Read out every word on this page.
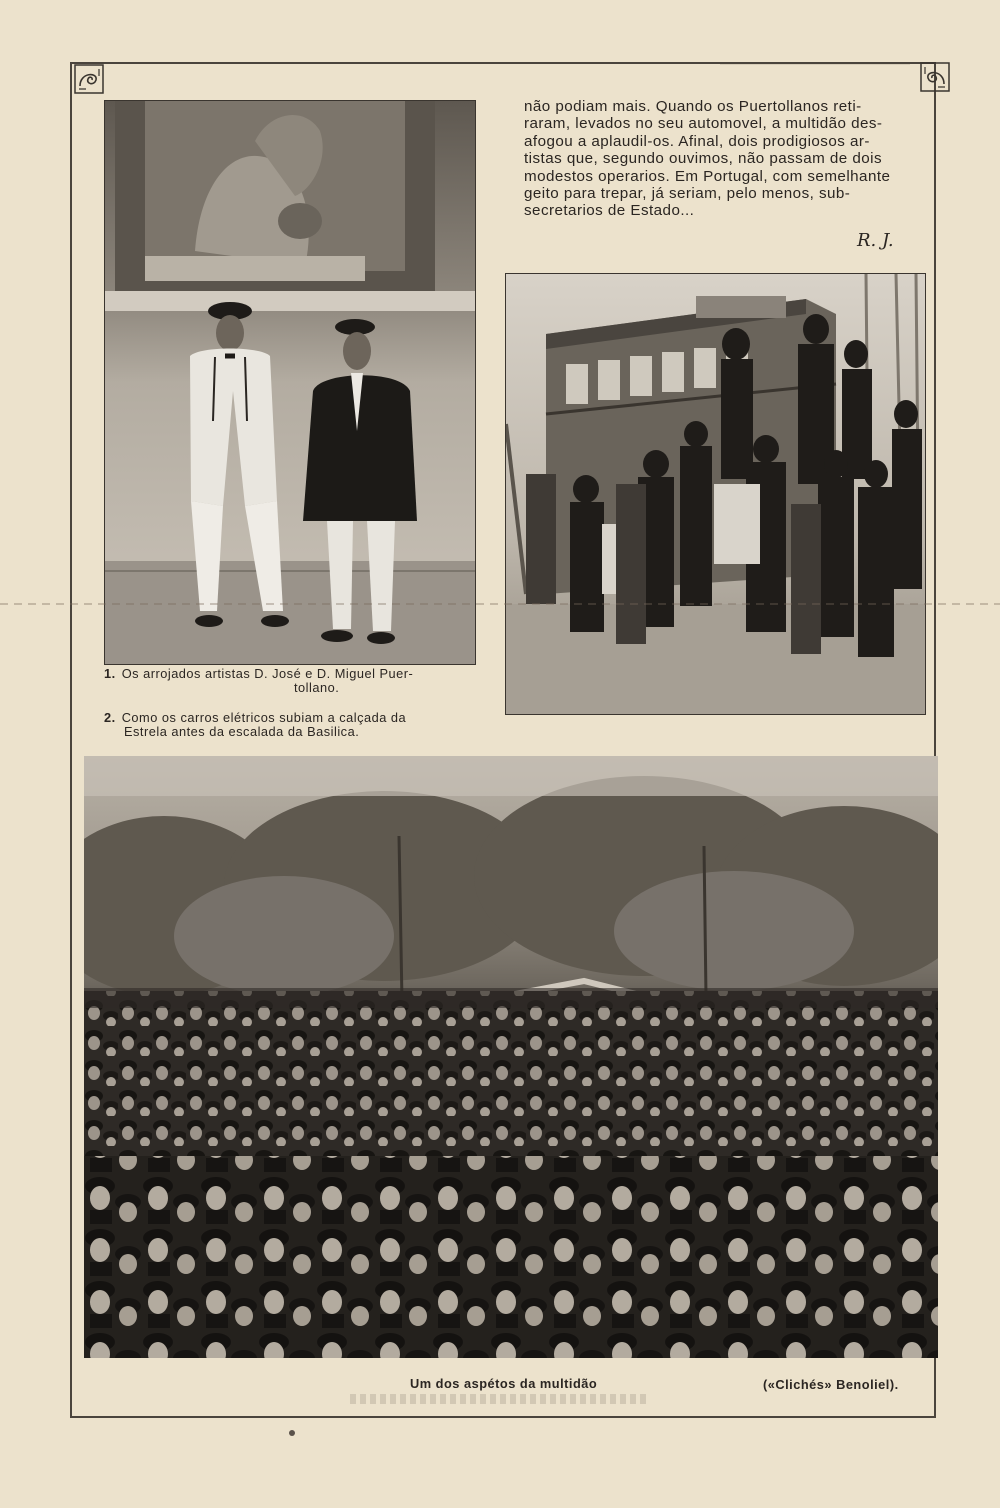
não podiam mais. Quando os Puertollanos reti-
raram, levados no seu automovel, a multidão des-
afogou a aplaudil-os. Afinal, dois prodigiosos ar-
tistas que, segundo ouvimos, não passam de dois
modestos operarios. Em Portugal, com semelhante
geito para trepar, já seriam, pelo menos, sub-
secretarios de Estado...
R. J.
1. Os arrojados artistas D. José e D. Miguel Puer-
tollano.
2. Como os carros elétricos subiam a calçada da
Estrela antes da escalada da Basilica.
Um dos aspétos da multidão	(«Clichés» Benoliel).
